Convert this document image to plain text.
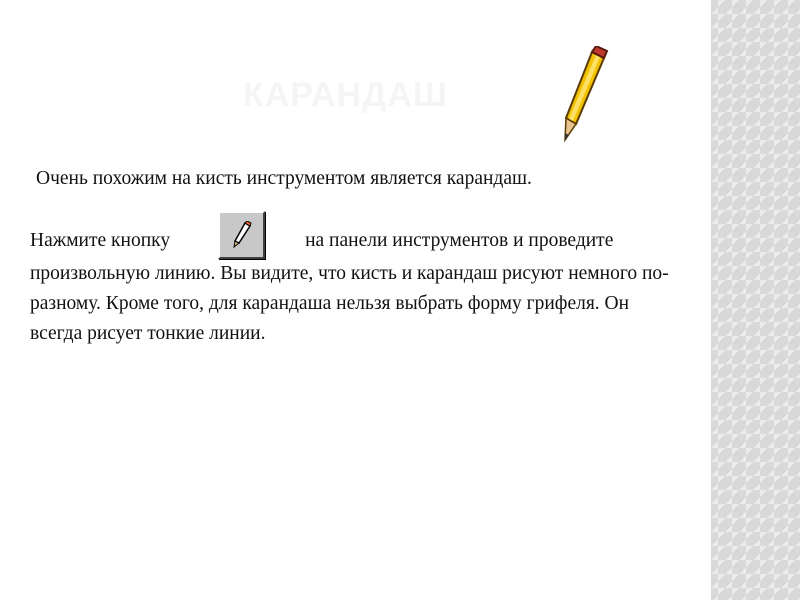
КАРАНДАШ

Очень похожим на кисть инструментом является карандаш.

Нажмите кнопку	на панели инструментов и проведите произвольную линию. Вы видите, что кисть и карандаш рисуют немного по-разному. Кроме того, для карандаша нельзя выбрать форму грифеля. Он всегда рисует тонкие линии.
